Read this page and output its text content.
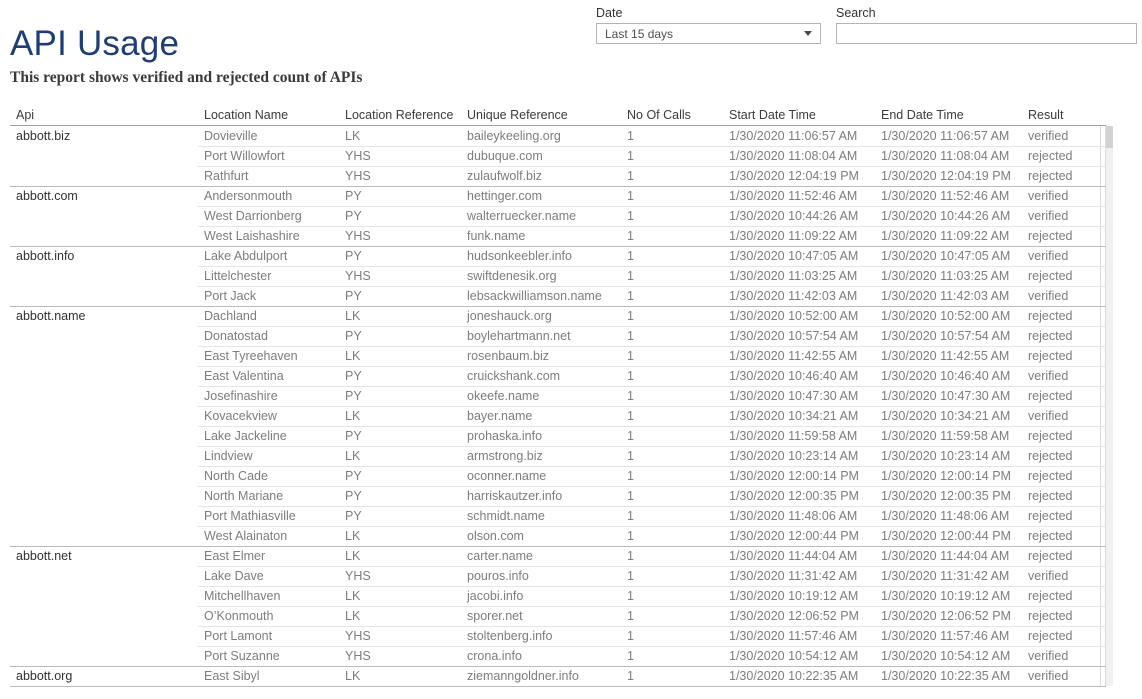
API Usage
This report shows verified and rejected count of APIs
Date
Last 15 days
Search
Api	Location Name	Location Reference	Unique Reference	No Of Calls	Start Date Time	End Date Time	Result
abbott.biz	Dovieville	LK	baileykeeling.org	1	1/30/2020 11:06:57 AM	1/30/2020 11:06:57 AM	verified
Port Willowfort	YHS	dubuque.com	1	1/30/2020 11:08:04 AM	1/30/2020 11:08:04 AM	rejected
Rathfurt	YHS	zulaufwolf.biz	1	1/30/2020 12:04:19 PM	1/30/2020 12:04:19 PM	rejected
abbott.com	Andersonmouth	PY	hettinger.com	1	1/30/2020 11:52:46 AM	1/30/2020 11:52:46 AM	verified
West Darrionberg	PY	walterruecker.name	1	1/30/2020 10:44:26 AM	1/30/2020 10:44:26 AM	verified
West Laishashire	YHS	funk.name	1	1/30/2020 11:09:22 AM	1/30/2020 11:09:22 AM	rejected
abbott.info	Lake Abdulport	PY	hudsonkeebler.info	1	1/30/2020 10:47:05 AM	1/30/2020 10:47:05 AM	verified
Littelchester	YHS	swiftdenesik.org	1	1/30/2020 11:03:25 AM	1/30/2020 11:03:25 AM	rejected
Port Jack	PY	lebsackwilliamson.name	1	1/30/2020 11:42:03 AM	1/30/2020 11:42:03 AM	verified
abbott.name	Dachland	LK	joneshauck.org	1	1/30/2020 10:52:00 AM	1/30/2020 10:52:00 AM	rejected
Donatostad	PY	boylehartmann.net	1	1/30/2020 10:57:54 AM	1/30/2020 10:57:54 AM	rejected
East Tyreehaven	LK	rosenbaum.biz	1	1/30/2020 11:42:55 AM	1/30/2020 11:42:55 AM	rejected
East Valentina	PY	cruickshank.com	1	1/30/2020 10:46:40 AM	1/30/2020 10:46:40 AM	verified
Josefinashire	PY	okeefe.name	1	1/30/2020 10:47:30 AM	1/30/2020 10:47:30 AM	rejected
Kovacekview	LK	bayer.name	1	1/30/2020 10:34:21 AM	1/30/2020 10:34:21 AM	verified
Lake Jackeline	PY	prohaska.info	1	1/30/2020 11:59:58 AM	1/30/2020 11:59:58 AM	rejected
Lindview	LK	armstrong.biz	1	1/30/2020 10:23:14 AM	1/30/2020 10:23:14 AM	rejected
North Cade	PY	oconner.name	1	1/30/2020 12:00:14 PM	1/30/2020 12:00:14 PM	rejected
North Mariane	PY	harriskautzer.info	1	1/30/2020 12:00:35 PM	1/30/2020 12:00:35 PM	rejected
Port Mathiasville	PY	schmidt.name	1	1/30/2020 11:48:06 AM	1/30/2020 11:48:06 AM	rejected
West Alainaton	LK	olson.com	1	1/30/2020 12:00:44 PM	1/30/2020 12:00:44 PM	rejected
abbott.net	East Elmer	LK	carter.name	1	1/30/2020 11:44:04 AM	1/30/2020 11:44:04 AM	rejected
Lake Dave	YHS	pouros.info	1	1/30/2020 11:31:42 AM	1/30/2020 11:31:42 AM	verified
Mitchellhaven	LK	jacobi.info	1	1/30/2020 10:19:12 AM	1/30/2020 10:19:12 AM	rejected
O’Konmouth	LK	sporer.net	1	1/30/2020 12:06:52 PM	1/30/2020 12:06:52 PM	rejected
Port Lamont	YHS	stoltenberg.info	1	1/30/2020 11:57:46 AM	1/30/2020 11:57:46 AM	rejected
Port Suzanne	YHS	crona.info	1	1/30/2020 10:54:12 AM	1/30/2020 10:54:12 AM	verified
abbott.org	East Sibyl	LK	ziemanngoldner.info	1	1/30/2020 10:22:35 AM	1/30/2020 10:22:35 AM	verified
